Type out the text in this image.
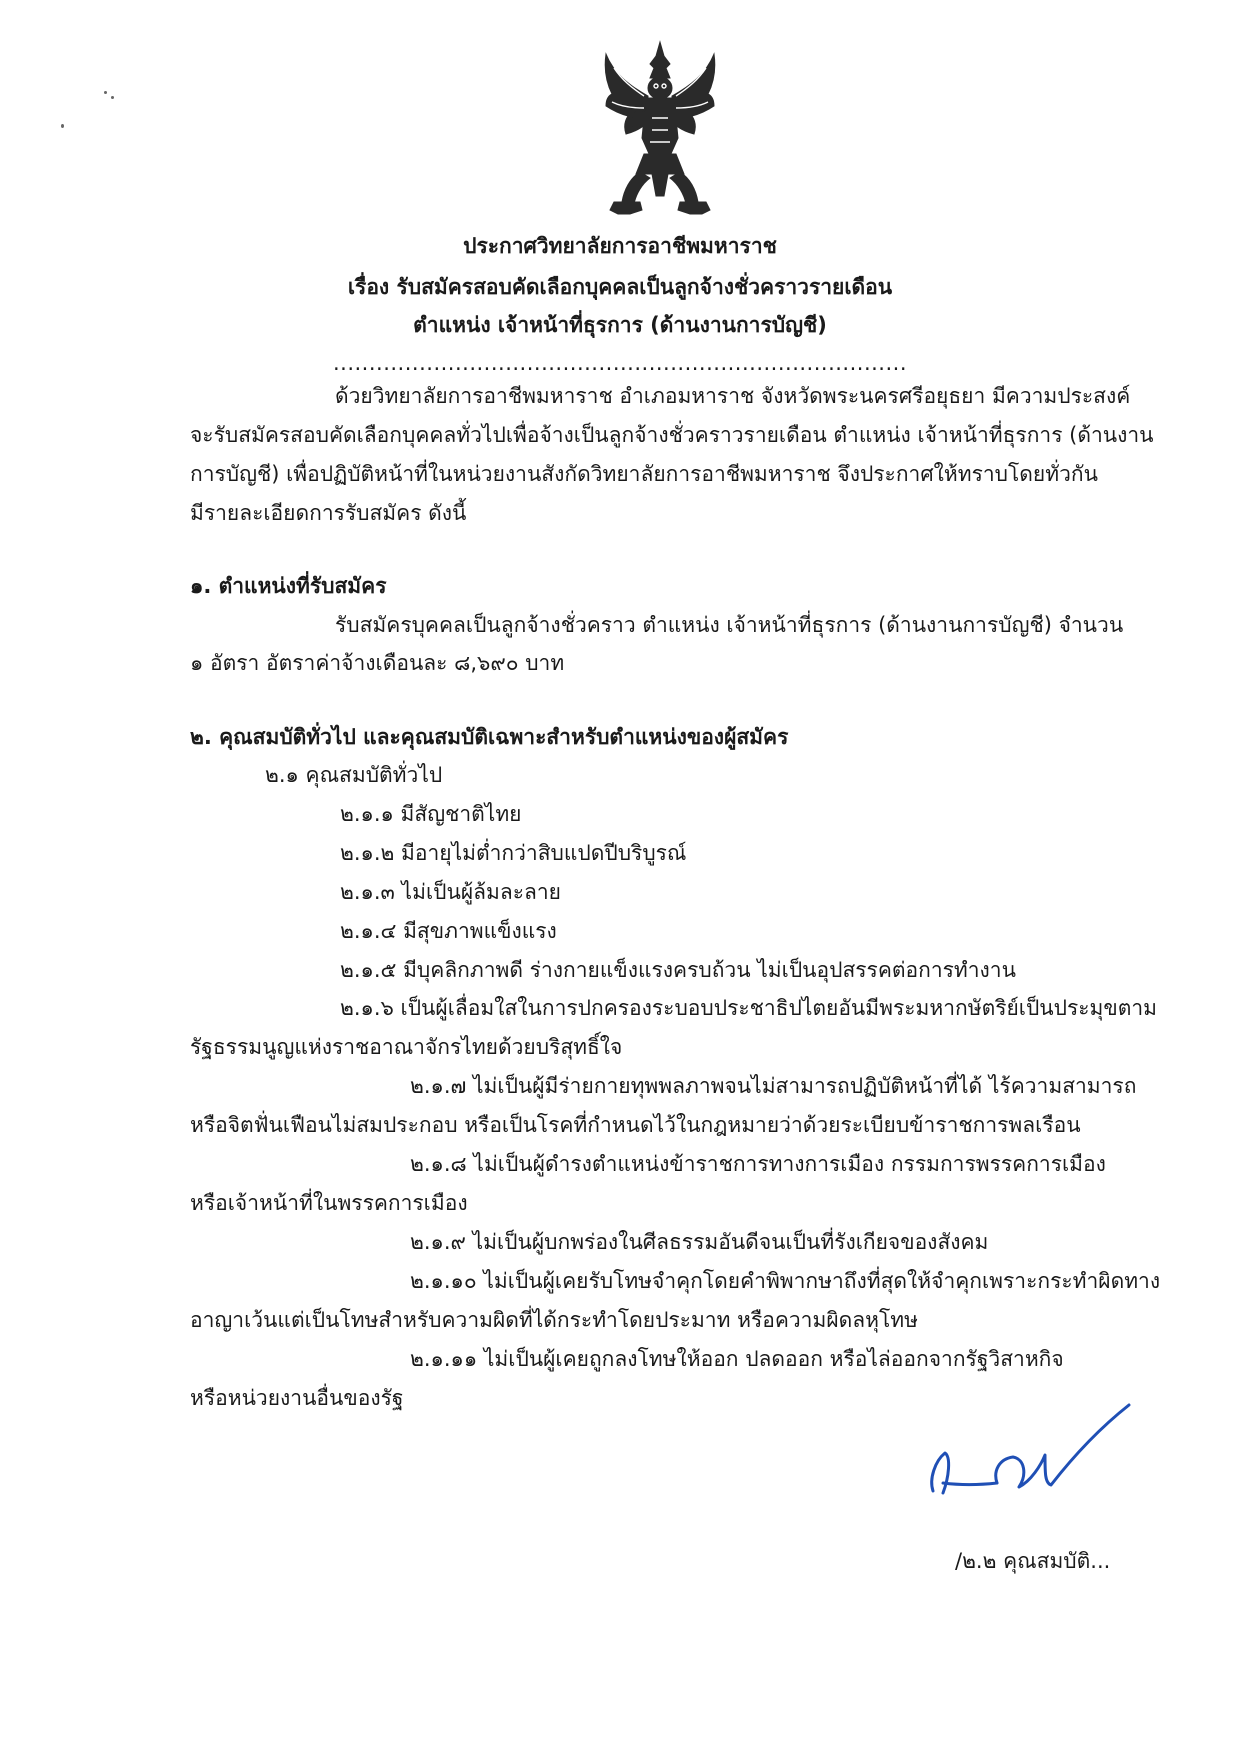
ประกาศวิทยาลัยการอาชีพมหาราช
เรื่อง รับสมัครสอบคัดเลือกบุคคลเป็นลูกจ้างชั่วคราวรายเดือน
ตำแหน่ง เจ้าหน้าที่ธุรการ (ด้านงานการบัญชี)
................................................................................
ด้วยวิทยาลัยการอาชีพมหาราช อำเภอมหาราช จังหวัดพระนครศรีอยุธยา มีความประสงค์
จะรับสมัครสอบคัดเลือกบุคคลทั่วไปเพื่อจ้างเป็นลูกจ้างชั่วคราวรายเดือน ตำแหน่ง เจ้าหน้าที่ธุรการ (ด้านงาน
การบัญชี) เพื่อปฏิบัติหน้าที่ในหน่วยงานสังกัดวิทยาลัยการอาชีพมหาราช จึงประกาศให้ทราบโดยทั่วกัน
มีรายละเอียดการรับสมัคร ดังนี้
๑. ตำแหน่งที่รับสมัคร
รับสมัครบุคคลเป็นลูกจ้างชั่วคราว ตำแหน่ง เจ้าหน้าที่ธุรการ (ด้านงานการบัญชี) จำนวน
๑ อัตรา อัตราค่าจ้างเดือนละ ๘,๖๙๐ บาท
๒. คุณสมบัติทั่วไป และคุณสมบัติเฉพาะสำหรับตำแหน่งของผู้สมัคร
๒.๑ คุณสมบัติทั่วไป
๒.๑.๑ มีสัญชาติไทย
๒.๑.๒ มีอายุไม่ต่ำกว่าสิบแปดปีบริบูรณ์
๒.๑.๓ ไม่เป็นผู้ล้มละลาย
๒.๑.๔ มีสุขภาพแข็งแรง
๒.๑.๕ มีบุคลิกภาพดี ร่างกายแข็งแรงครบถ้วน ไม่เป็นอุปสรรคต่อการทำงาน
๒.๑.๖ เป็นผู้เลื่อมใสในการปกครองระบอบประชาธิปไตยอันมีพระมหากษัตริย์เป็นประมุขตาม
รัฐธรรมนูญแห่งราชอาณาจักรไทยด้วยบริสุทธิ์ใจ
๒.๑.๗ ไม่เป็นผู้มีร่ายกายทุพพลภาพจนไม่สามารถปฏิบัติหน้าที่ได้ ไร้ความสามารถ
หรือจิตฟั่นเฟือนไม่สมประกอบ หรือเป็นโรคที่กำหนดไว้ในกฎหมายว่าด้วยระเบียบข้าราชการพลเรือน
๒.๑.๘ ไม่เป็นผู้ดำรงตำแหน่งข้าราชการทางการเมือง กรรมการพรรคการเมือง
หรือเจ้าหน้าที่ในพรรคการเมือง
๒.๑.๙ ไม่เป็นผู้บกพร่องในศีลธรรมอันดีจนเป็นที่รังเกียจของสังคม
๒.๑.๑๐ ไม่เป็นผู้เคยรับโทษจำคุกโดยคำพิพากษาถึงที่สุดให้จำคุกเพราะกระทำผิดทาง
อาญาเว้นแต่เป็นโทษสำหรับความผิดที่ได้กระทำโดยประมาท หรือความผิดลหุโทษ
๒.๑.๑๑ ไม่เป็นผู้เคยถูกลงโทษให้ออก ปลดออก หรือไล่ออกจากรัฐวิสาหกิจ
หรือหน่วยงานอื่นของรัฐ
/๒.๒ คุณสมบัติ...
